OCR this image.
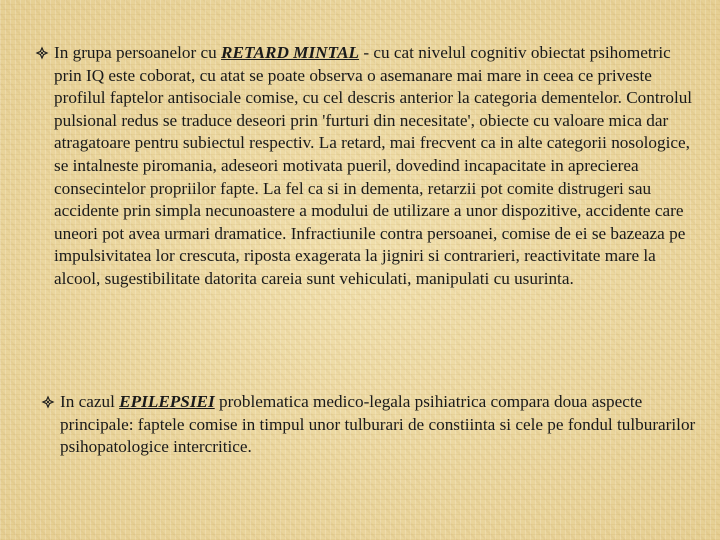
In grupa persoanelor cu RETARD MINTAL - cu cat nivelul cognitiv obiectat psihometric prin IQ este coborat, cu atat se poate observa o asemanare mai mare in ceea ce priveste profilul faptelor antisociale comise, cu cel descris anterior la categoria dementelor. Controlul pulsional redus se traduce deseori prin 'furturi din necesitate', obiecte cu valoare mica dar atragatoare pentru subiectul respectiv. La retard, mai frecvent ca in alte categorii nosologice, se intalneste piromania, adeseori motivata pueril, dovedind incapacitate in aprecierea consecintelor propriilor fapte. La fel ca si in dementa, retarzii pot comite distrugeri sau accidente prin simpla necunoastere a modului de utilizare a unor dispozitive, accidente care uneori pot avea urmari dramatice. Infractiunile contra persoanei, comise de ei se bazeaza pe impulsivitatea lor crescuta, riposta exagerata la jigniri si contrarieri, reactivitate mare la alcool, sugestibilitate datorita careia sunt vehiculati, manipulati cu usurinta.

In cazul EPILEPSIEI problematica medico-legala psihiatrica compara doua aspecte principale: faptele comise in timpul unor tulburari de constiinta si cele pe fondul tulburarilor psihopatologice intercritice.
